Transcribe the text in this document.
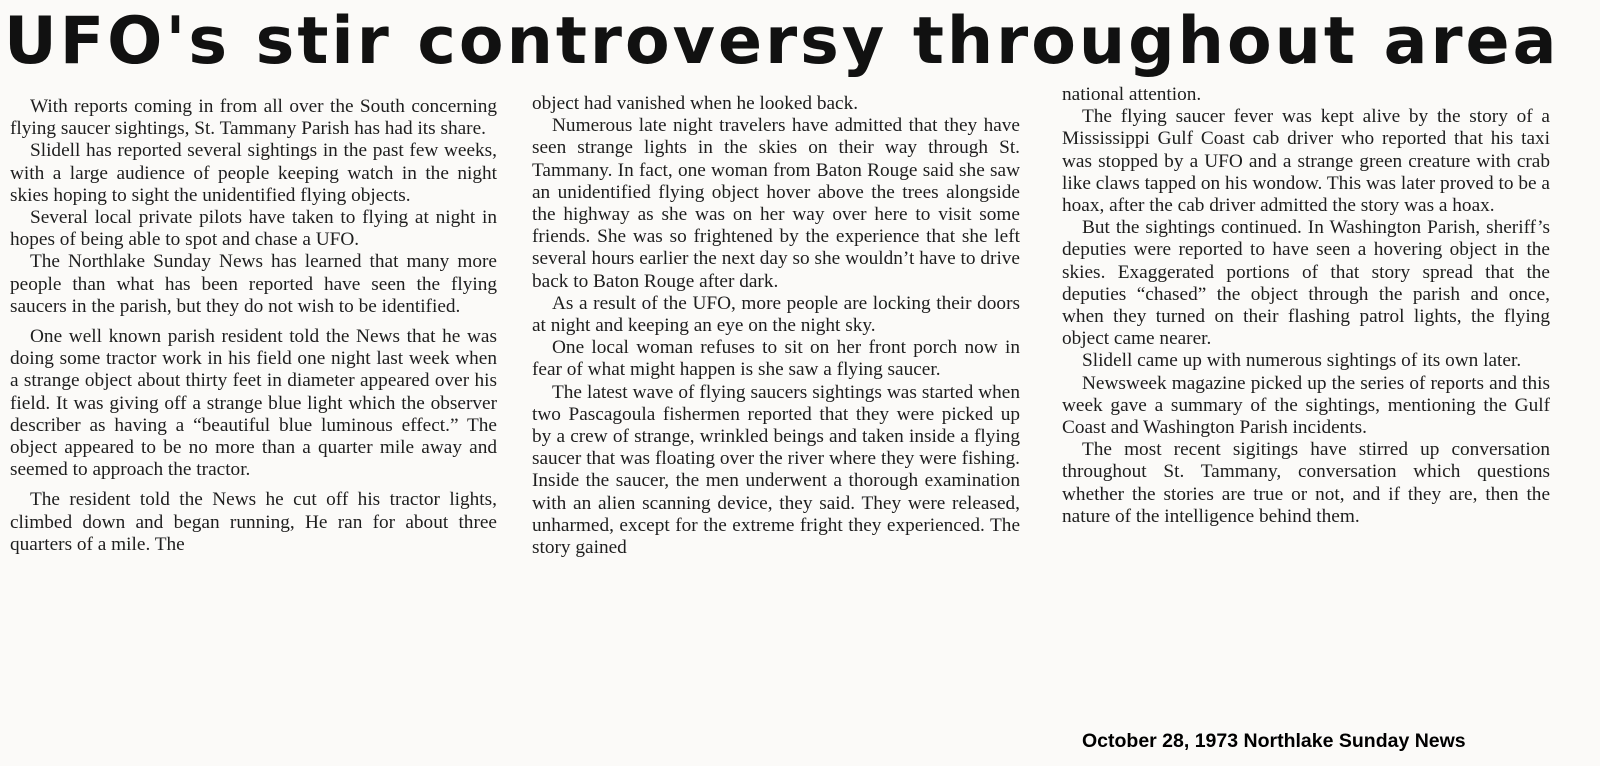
UFO's stir controversy throughout area

With reports coming in from all over the South concerning flying saucer sightings, St. Tammany Parish has had its share.

Slidell has reported several sightings in the past few weeks, with a large audience of people keeping watch in the night skies hoping to sight the unidentified flying objects.

Several local private pilots have taken to flying at night in hopes of being able to spot and chase a UFO.

The Northlake Sunday News has learned that many more people than what has been reported have seen the flying saucers in the parish, but they do not wish to be identified.

One well known parish resident told the News that he was doing some tractor work in his field one night last week when a strange object about thirty feet in diameter appeared over his field. It was giving off a strange blue light which the observer describer as having a “beautiful blue luminous effect.” The object appeared to be no more than a quarter mile away and seemed to approach the tractor.

The resident told the News he cut off his tractor lights, climbed down and began running, He ran for about three quarters of a mile. The

object had vanished when he looked back.

Numerous late night travelers have admitted that they have seen strange lights in the skies on their way through St. Tammany. In fact, one woman from Baton Rouge said she saw an unidentified flying object hover above the trees alongside the highway as she was on her way over here to visit some friends. She was so frightened by the experience that she left several hours earlier the next day so she wouldn’t have to drive back to Baton Rouge after dark.

As a result of the UFO, more people are locking their doors at night and keeping an eye on the night sky.

One local woman refuses to sit on her front porch now in fear of what might happen is she saw a flying saucer.

The latest wave of flying saucers sightings was started when two Pascagoula fishermen reported that they were picked up by a crew of strange, wrinkled beings and taken inside a flying saucer that was floating over the river where they were fishing. Inside the saucer, the men underwent a thorough examination with an alien scanning device, they said. They were released, unharmed, except for the extreme fright they experienced. The story gained

national attention.

The flying saucer fever was kept alive by the story of a Mississippi Gulf Coast cab driver who reported that his taxi was stopped by a UFO and a strange green creature with crab like claws tapped on his wondow. This was later proved to be a hoax, after the cab driver admitted the story was a hoax.

But the sightings continued. In Washington Parish, sheriff’s deputies were reported to have seen a hovering object in the skies. Exaggerated portions of that story spread that the deputies “chased” the object through the parish and once, when they turned on their flashing patrol lights, the flying object came nearer.

Slidell came up with numerous sightings of its own later.

Newsweek magazine picked up the series of reports and this week gave a summary of the sightings, mentioning the Gulf Coast and Washington Parish incidents.

The most recent sigitings have stirred up conversation throughout St. Tammany, conversation which questions whether the stories are true or not, and if they are, then the nature of the intelligence behind them.

October 28, 1973 Northlake Sunday News
